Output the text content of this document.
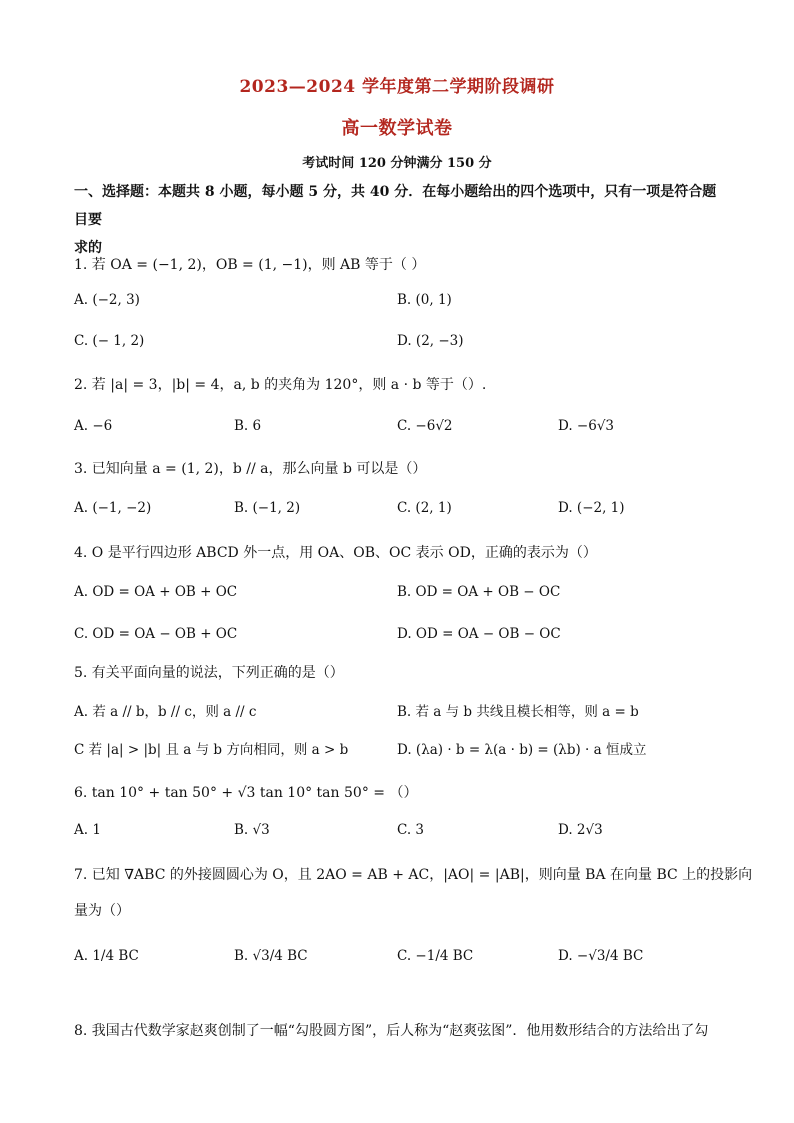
2023—2024 学年度第二学期阶段调研
高一数学试卷
考试时间 120 分钟满分 150 分
一、选择题：本题共 8 小题，每小题 5 分，共 40 分．在每小题给出的四个选项中，只有一项是符合题目要
求的
1. 若 OA = (−1, 2)，OB = (1, −1)，则 AB 等于（ ）
A. (−2, 3)	B. (0, 1)
C. (− 1, 2)	D. (2, −3)
2. 若 |a| = 3，|b| = 4，a, b 的夹角为 120°，则 a · b 等于（）.
A. −6	B. 6	C. −6√2	D. −6√3
3. 已知向量 a = (1, 2)，b // a，那么向量 b 可以是（）
A. (−1, −2)	B. (−1, 2)	C. (2, 1)	D. (−2, 1)
4. O 是平行四边形 ABCD 外一点，用 OA、OB、OC 表示 OD，正确的表示为（）
A. OD = OA + OB + OC	B. OD = OA + OB − OC
C. OD = OA − OB + OC	D. OD = OA − OB − OC
5. 有关平面向量的说法，下列正确的是（）
A. 若 a // b，b // c，则 a // c	B. 若 a 与 b 共线且模长相等，则 a = b
C 若 |a| > |b| 且 a 与 b 方向相同，则 a > b	D. (λa) · b = λ(a · b) = (λb) · a 恒成立
6. tan 10° + tan 50° + √3 tan 10° tan 50° = （）
A. 1	B. √3	C. 3	D. 2√3
7. 已知 ∇ABC 的外接圆圆心为 O，且 2AO = AB + AC，|AO| = |AB|，则向量 BA 在向量 BC 上的投影向
量为（）
A. 1/4 BC	B. √3/4 BC	C. −1/4 BC	D. −√3/4 BC
8. 我国古代数学家赵爽创制了一幅“勾股圆方图”，后人称为“赵爽弦图”．他用数形结合的方法给出了勾
